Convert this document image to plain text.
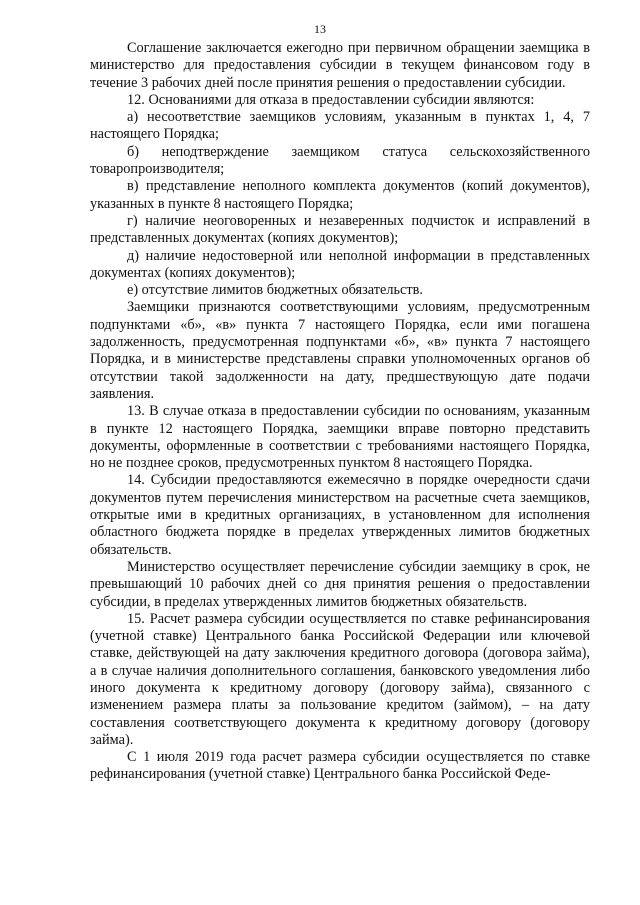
13

Соглашение заключается ежегодно при первичном обращении заемщика в министерство для предоставления субсидии в текущем финансовом году в течение 3 рабочих дней после принятия решения о предоставлении субсидии.

12. Основаниями для отказа в предоставлении субсидии являются:

а) несоответствие заемщиков условиям, указанным в пунктах 1, 4, 7 настоящего Порядка;

б) неподтверждение заемщиком статуса сельскохозяйственного товаропроизводителя;

в) представление неполного комплекта документов (копий документов), указанных в пункте 8 настоящего Порядка;

г) наличие неоговоренных и незаверенных подчисток и исправлений в представленных документах (копиях документов);

д) наличие недостоверной или неполной информации в представленных документах (копиях документов);

е) отсутствие лимитов бюджетных обязательств.

Заемщики признаются соответствующими условиям, предусмотренным подпунктами «б», «в» пункта 7 настоящего Порядка, если ими погашена задолженность, предусмотренная подпунктами «б», «в» пункта 7 настоящего Порядка, и в министерстве представлены справки уполномоченных органов об отсутствии такой задолженности на дату, предшествующую дате подачи заявления.

13. В случае отказа в предоставлении субсидии по основаниям, указанным в пункте 12 настоящего Порядка, заемщики вправе повторно представить документы, оформленные в соответствии с требованиями настоящего Порядка, но не позднее сроков, предусмотренных пунктом 8 настоящего Порядка.

14. Субсидии предоставляются ежемесячно в порядке очередности сдачи документов путем перечисления министерством на расчетные счета заемщиков, открытые ими в кредитных организациях, в установленном для исполнения областного бюджета порядке в пределах утвержденных лимитов бюджетных обязательств.

Министерство осуществляет перечисление субсидии заемщику в срок, не превышающий 10 рабочих дней со дня принятия решения о предоставлении субсидии, в пределах утвержденных лимитов бюджетных обязательств.

15. Расчет размера субсидии осуществляется по ставке рефинансирования (учетной ставке) Центрального банка Российской Федерации или ключевой ставке, действующей на дату заключения кредитного договора (договора займа), а в случае наличия дополнительного соглашения, банковского уведомления либо иного документа к кредитному договору (договору займа), связанного с изменением размера платы за пользование кредитом (займом), – на дату составления соответствующего документа к кредитному договору (договору займа).

С 1 июля 2019 года расчет размера субсидии осуществляется по ставке рефинансирования (учетной ставке) Центрального банка Российской Феде-
